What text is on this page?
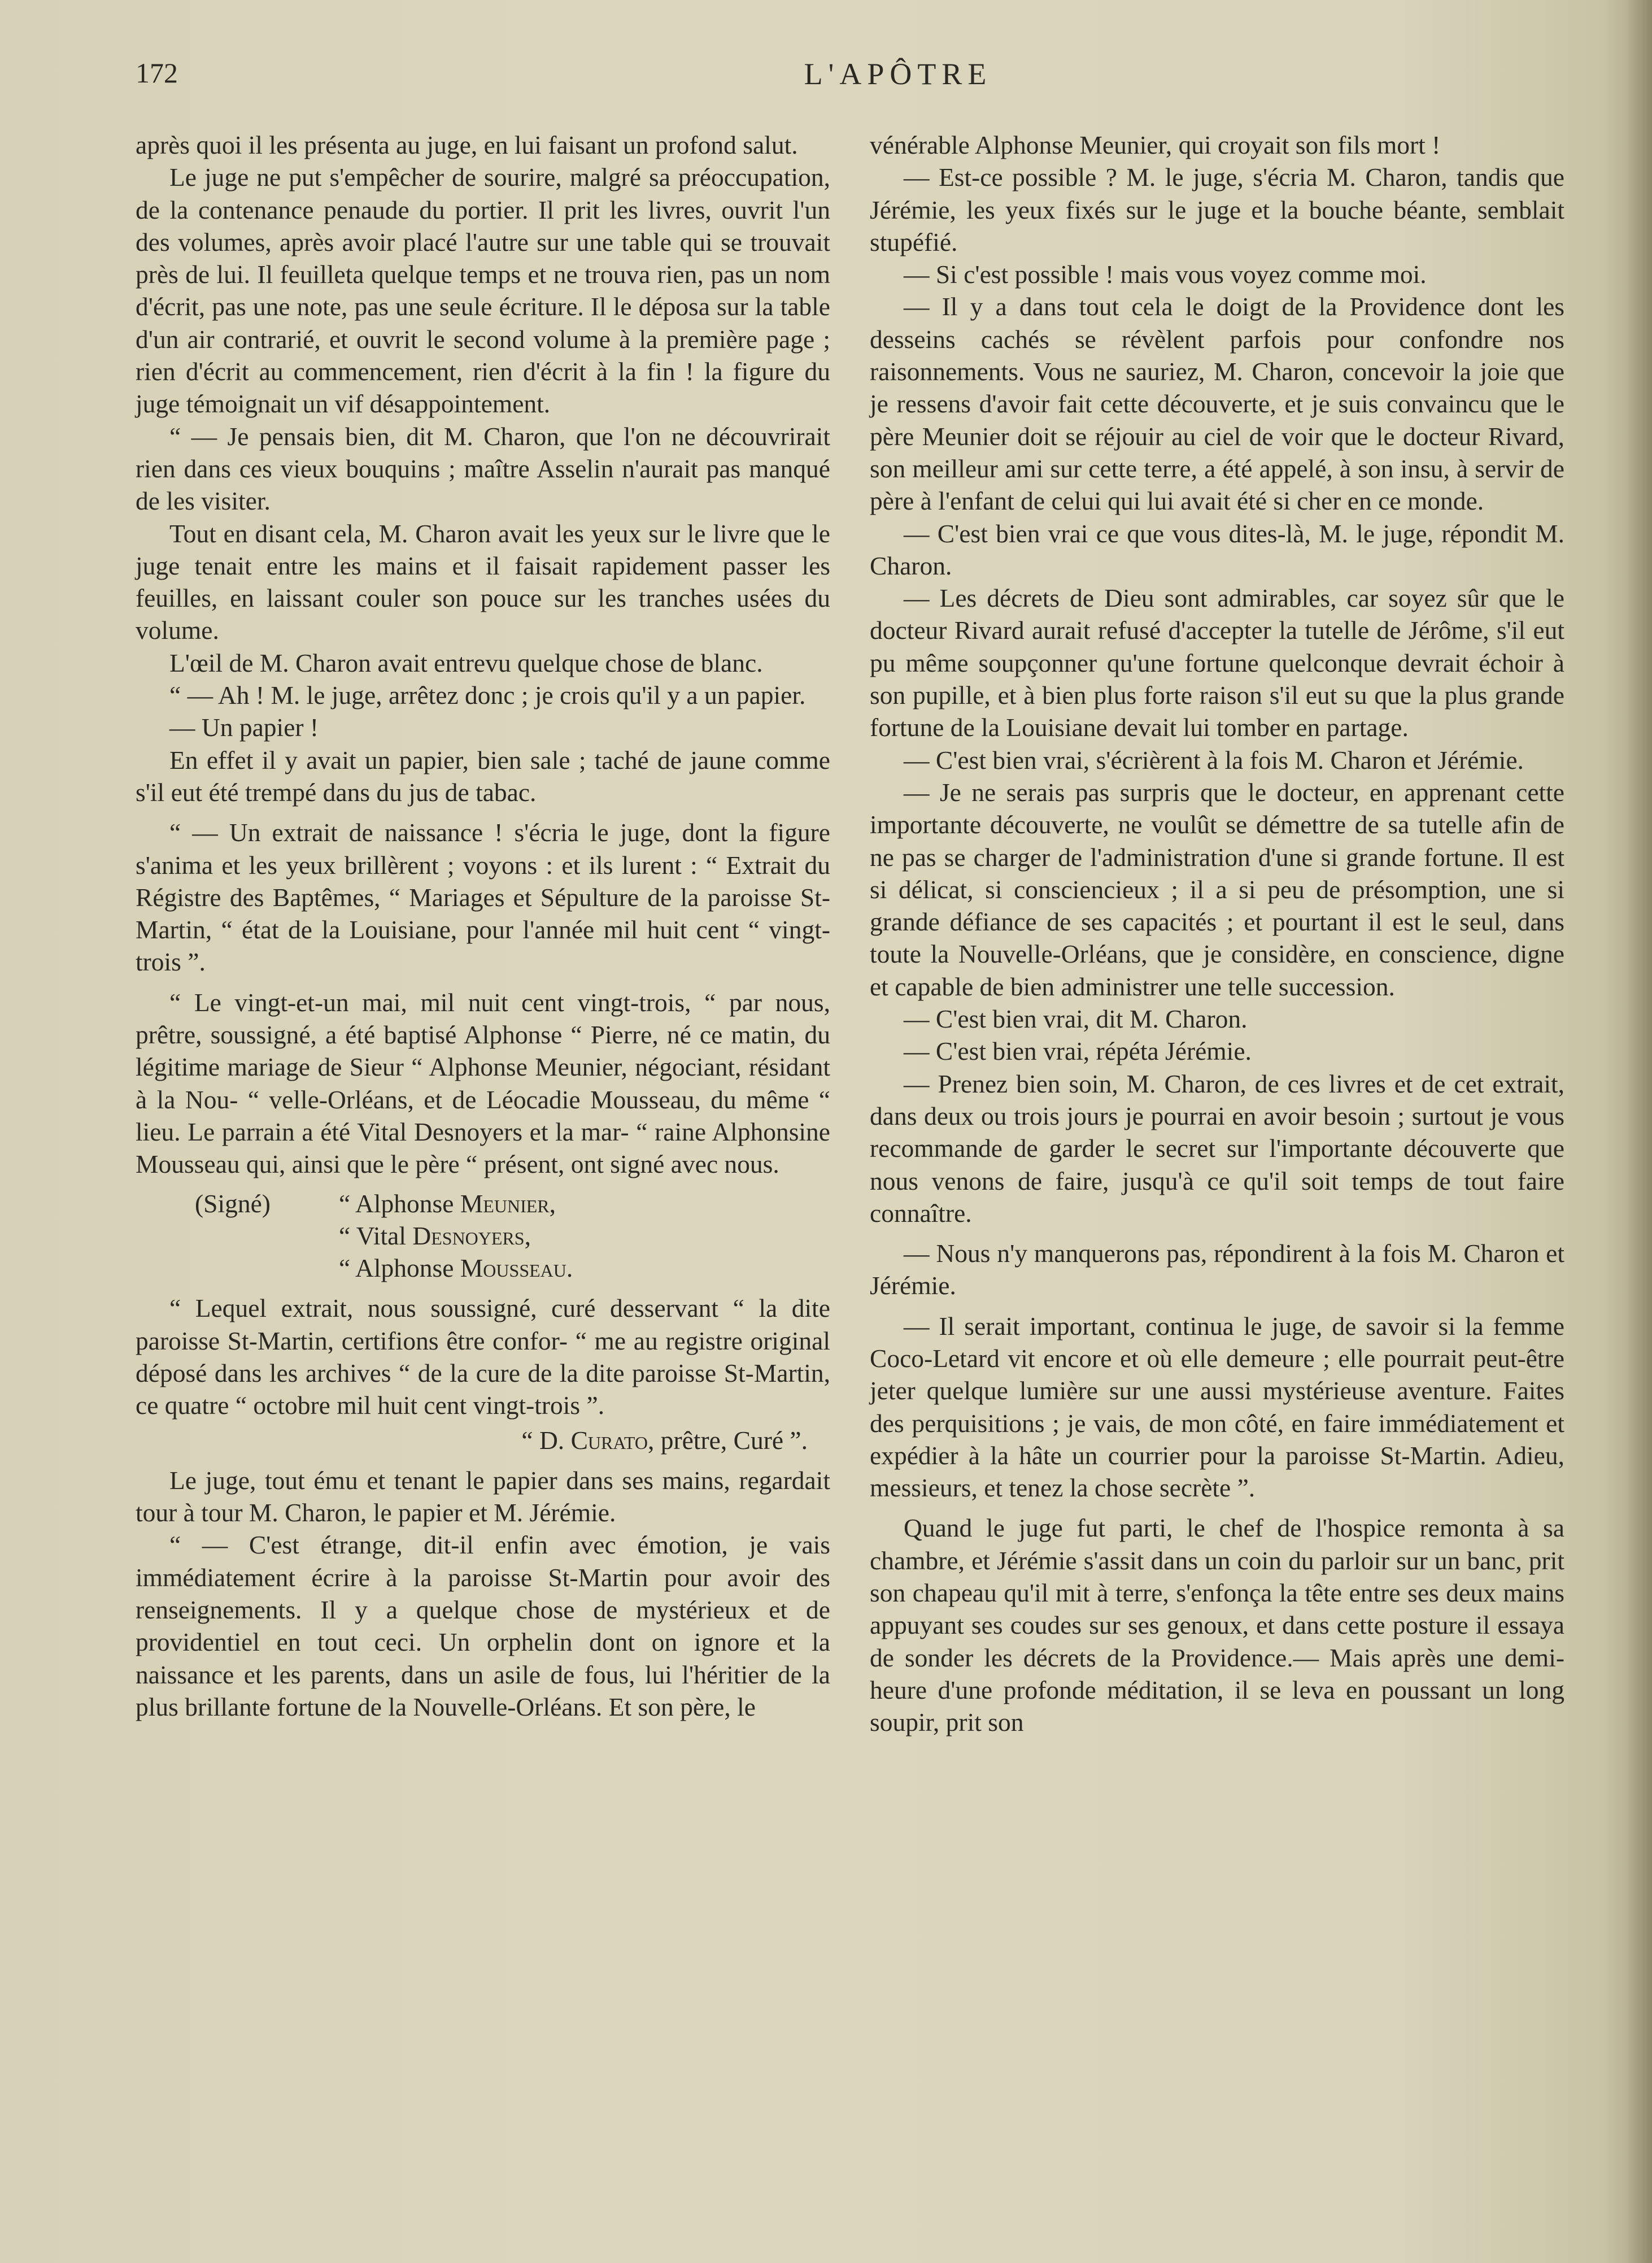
172	L'APÔTRE

après quoi il les présenta au juge, en lui faisant un profond salut.

Le juge ne put s'empêcher de sourire, malgré sa préoccupation, de la contenance penaude du portier. Il prit les livres, ouvrit l'un des volumes, après avoir placé l'autre sur une table qui se trouvait près de lui. Il feuilleta quelque temps et ne trouva rien, pas un nom d'écrit, pas une note, pas une seule écriture. Il le déposa sur la table d'un air contrarié, et ouvrit le second volume à la première page ; rien d'écrit au commencement, rien d'écrit à la fin ! la figure du juge témoignait un vif désappointement.

“ — Je pensais bien, dit M. Charon, que l'on ne découvrirait rien dans ces vieux bouquins ; maître Asselin n'aurait pas manqué de les visiter.

Tout en disant cela, M. Charon avait les yeux sur le livre que le juge tenait entre les mains et il faisait rapidement passer les feuilles, en laissant couler son pouce sur les tranches usées du volume.

L'œil de M. Charon avait entrevu quelque chose de blanc.

“ — Ah ! M. le juge, arrêtez donc ; je crois qu'il y a un papier.

— Un papier !

En effet il y avait un papier, bien sale ; taché de jaune comme s'il eut été trempé dans du jus de tabac.

“ — Un extrait de naissance ! s'écria le juge, dont la figure s'anima et les yeux brillèrent ; voyons : et ils lurent : “ Extrait du Régistre des Baptêmes, “ Mariages et Sépulture de la paroisse St-Martin, “ état de la Louisiane, pour l'année mil huit cent “ vingt-trois ”.

“ Le vingt-et-un mai, mil nuit cent vingt-trois, “ par nous, prêtre, soussigné, a été baptisé Alphonse “ Pierre, né ce matin, du légitime mariage de Sieur “ Alphonse Meunier, négociant, résidant à la Nou- “ velle-Orléans, et de Léocadie Mousseau, du même “ lieu. Le parrain a été Vital Desnoyers et la mar- “ raine Alphonsine Mousseau qui, ainsi que le père “ présent, ont signé avec nous.

(Signé)	“ Alphonse Meunier,
“ Vital Desnoyers,
“ Alphonse Mousseau.

“ Lequel extrait, nous soussigné, curé desservant “ la dite paroisse St-Martin, certifions être confor- “ me au registre original déposé dans les archives “ de la cure de la dite paroisse St-Martin, ce quatre “ octobre mil huit cent vingt-trois ”.

“ D. Curato, prêtre, Curé ”.

Le juge, tout ému et tenant le papier dans ses mains, regardait tour à tour M. Charon, le papier et M. Jérémie.

“ — C'est étrange, dit-il enfin avec émotion, je vais immédiatement écrire à la paroisse St-Martin pour avoir des renseignements. Il y a quelque chose de mystérieux et de providentiel en tout ceci. Un orphelin dont on ignore et la naissance et les parents, dans un asile de fous, lui l'héritier de la plus brillante fortune de la Nouvelle-Orléans. Et son père, le

vénérable Alphonse Meunier, qui croyait son fils mort !

— Est-ce possible ? M. le juge, s'écria M. Charon, tandis que Jérémie, les yeux fixés sur le juge et la bouche béante, semblait stupéfié.

— Si c'est possible ! mais vous voyez comme moi.

— Il y a dans tout cela le doigt de la Providence dont les desseins cachés se révèlent parfois pour confondre nos raisonnements. Vous ne sauriez, M. Charon, concevoir la joie que je ressens d'avoir fait cette découverte, et je suis convaincu que le père Meunier doit se réjouir au ciel de voir que le docteur Rivard, son meilleur ami sur cette terre, a été appelé, à son insu, à servir de père à l'enfant de celui qui lui avait été si cher en ce monde.

— C'est bien vrai ce que vous dites-là, M. le juge, répondit M. Charon.

— Les décrets de Dieu sont admirables, car soyez sûr que le docteur Rivard aurait refusé d'accepter la tutelle de Jérôme, s'il eut pu même soupçonner qu'une fortune quelconque devrait échoir à son pupille, et à bien plus forte raison s'il eut su que la plus grande fortune de la Louisiane devait lui tomber en partage.

— C'est bien vrai, s'écrièrent à la fois M. Charon et Jérémie.

— Je ne serais pas surpris que le docteur, en apprenant cette importante découverte, ne voulût se démettre de sa tutelle afin de ne pas se charger de l'administration d'une si grande fortune. Il est si délicat, si consciencieux ; il a si peu de présomption, une si grande défiance de ses capacités ; et pourtant il est le seul, dans toute la Nouvelle-Orléans, que je considère, en conscience, digne et capable de bien administrer une telle succession.

— C'est bien vrai, dit M. Charon.

— C'est bien vrai, répéta Jérémie.

— Prenez bien soin, M. Charon, de ces livres et de cet extrait, dans deux ou trois jours je pourrai en avoir besoin ; surtout je vous recommande de garder le secret sur l'importante découverte que nous venons de faire, jusqu'à ce qu'il soit temps de tout faire connaître.

— Nous n'y manquerons pas, répondirent à la fois M. Charon et Jérémie.

— Il serait important, continua le juge, de savoir si la femme Coco-Letard vit encore et où elle demeure ; elle pourrait peut-être jeter quelque lumière sur une aussi mystérieuse aventure. Faites des perquisitions ; je vais, de mon côté, en faire immédiatement et expédier à la hâte un courrier pour la paroisse St-Martin. Adieu, messieurs, et tenez la chose secrète ”.

Quand le juge fut parti, le chef de l'hospice remonta à sa chambre, et Jérémie s'assit dans un coin du parloir sur un banc, prit son chapeau qu'il mit à terre, s'enfonça la tête entre ses deux mains appuyant ses coudes sur ses genoux, et dans cette posture il essaya de sonder les décrets de la Providence.— Mais après une demi-heure d'une profonde méditation, il se leva en poussant un long soupir, prit son
